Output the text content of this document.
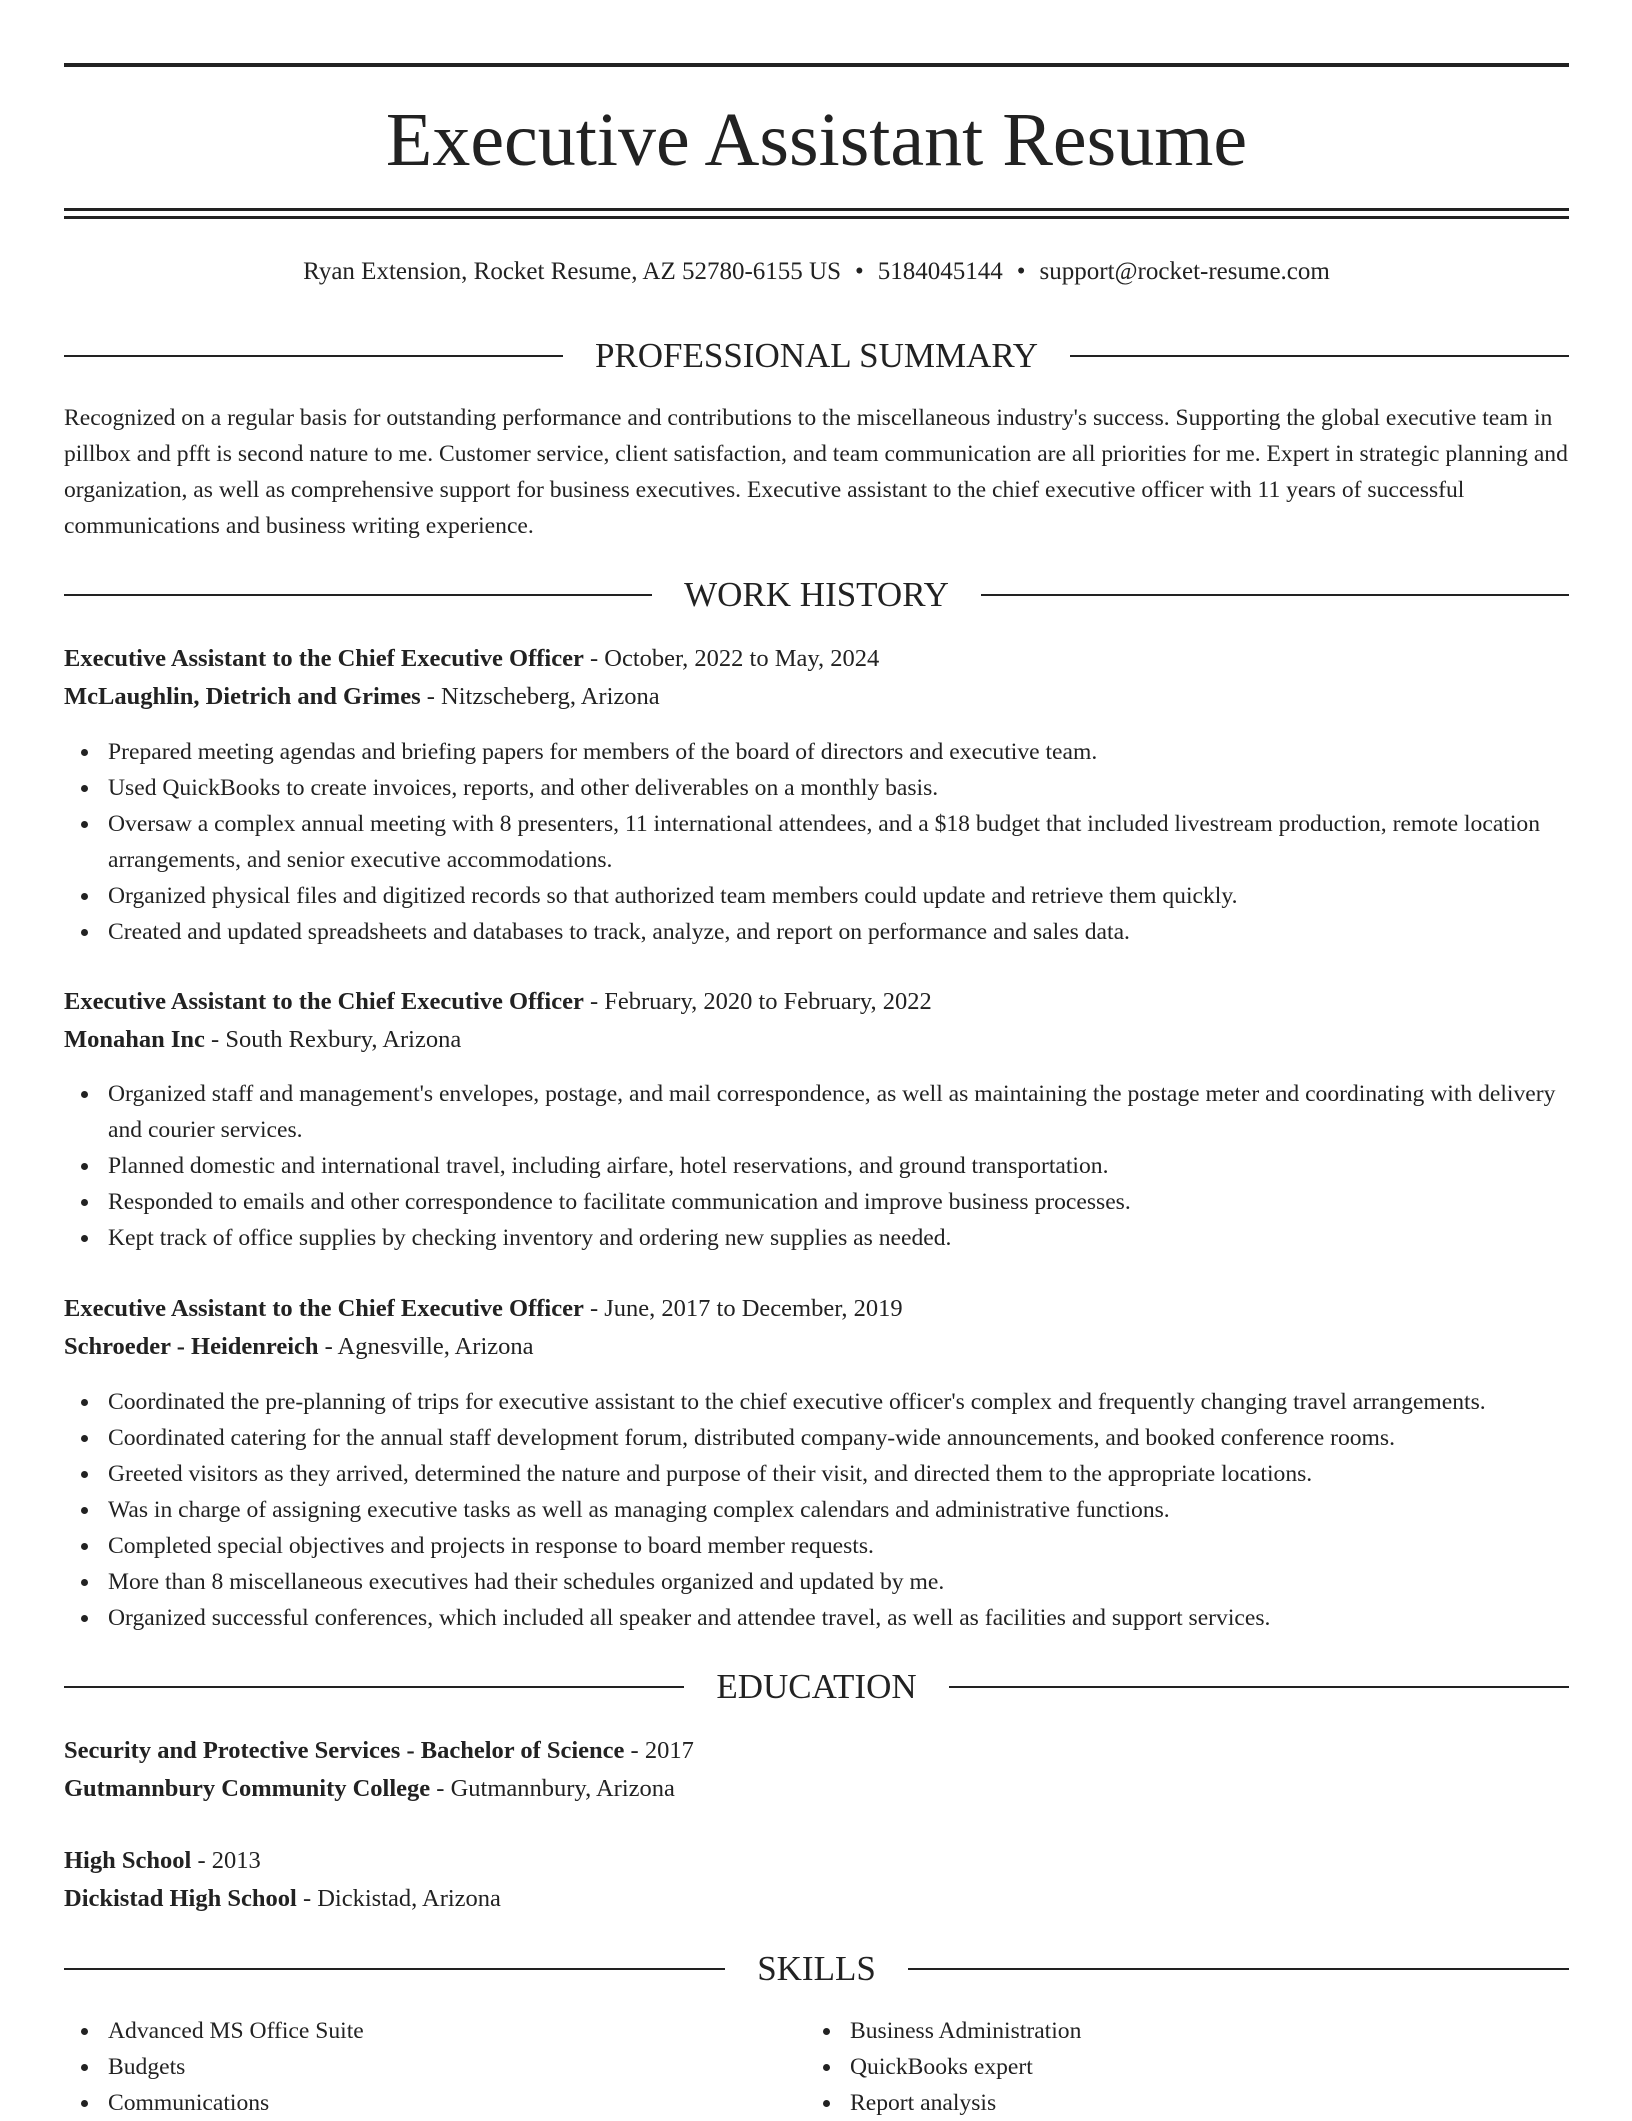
Executive Assistant Resume
Ryan Extension, Rocket Resume, AZ 52780-6155 US • 5184045144 • support@rocket-resume.com
PROFESSIONAL SUMMARY
Recognized on a regular basis for outstanding performance and contributions to the miscellaneous industry's success. Supporting the global executive team in pillbox and pfft is second nature to me. Customer service, client satisfaction, and team communication are all priorities for me. Expert in strategic planning and organization, as well as comprehensive support for business executives. Executive assistant to the chief executive officer with 11 years of successful communications and business writing experience.
WORK HISTORY
Executive Assistant to the Chief Executive Officer - October, 2022 to May, 2024
McLaughlin, Dietrich and Grimes - Nitzscheberg, Arizona
Prepared meeting agendas and briefing papers for members of the board of directors and executive team.
Used QuickBooks to create invoices, reports, and other deliverables on a monthly basis.
Oversaw a complex annual meeting with 8 presenters, 11 international attendees, and a $18 budget that included livestream production, remote location arrangements, and senior executive accommodations.
Organized physical files and digitized records so that authorized team members could update and retrieve them quickly.
Created and updated spreadsheets and databases to track, analyze, and report on performance and sales data.
Executive Assistant to the Chief Executive Officer - February, 2020 to February, 2022
Monahan Inc - South Rexbury, Arizona
Organized staff and management's envelopes, postage, and mail correspondence, as well as maintaining the postage meter and coordinating with delivery and courier services.
Planned domestic and international travel, including airfare, hotel reservations, and ground transportation.
Responded to emails and other correspondence to facilitate communication and improve business processes.
Kept track of office supplies by checking inventory and ordering new supplies as needed.
Executive Assistant to the Chief Executive Officer - June, 2017 to December, 2019
Schroeder - Heidenreich - Agnesville, Arizona
Coordinated the pre-planning of trips for executive assistant to the chief executive officer's complex and frequently changing travel arrangements.
Coordinated catering for the annual staff development forum, distributed company-wide announcements, and booked conference rooms.
Greeted visitors as they arrived, determined the nature and purpose of their visit, and directed them to the appropriate locations.
Was in charge of assigning executive tasks as well as managing complex calendars and administrative functions.
Completed special objectives and projects in response to board member requests.
More than 8 miscellaneous executives had their schedules organized and updated by me.
Organized successful conferences, which included all speaker and attendee travel, as well as facilities and support services.
EDUCATION
Security and Protective Services - Bachelor of Science - 2017
Gutmannbury Community College - Gutmannbury, Arizona
High School - 2013
Dickistad High School - Dickistad, Arizona
SKILLS
Advanced MS Office Suite
Budgets
Communications
Business Administration
QuickBooks expert
Report analysis
